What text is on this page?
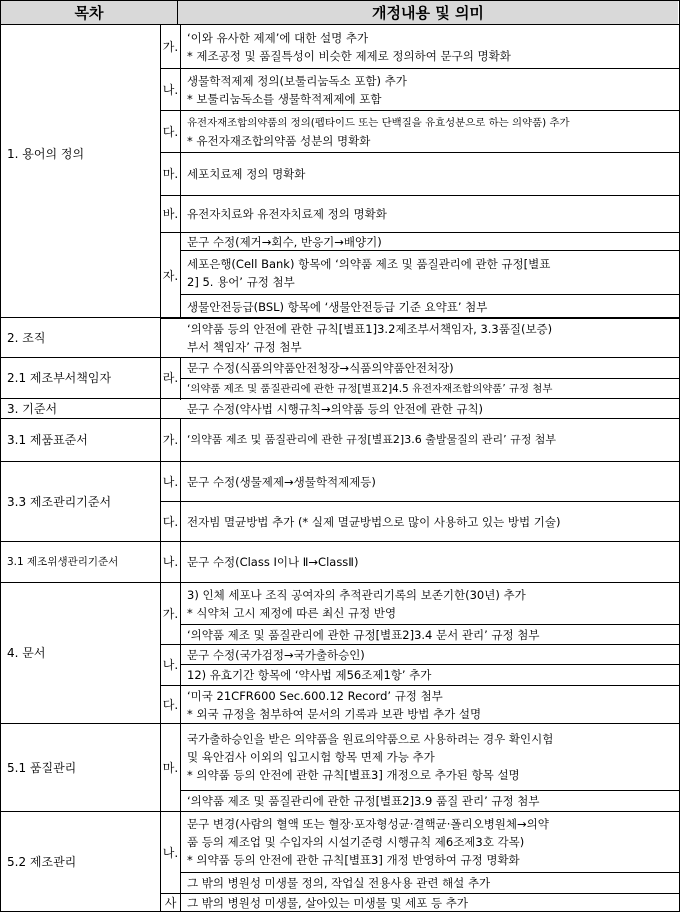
목차	개정내용 및 의미
1. 용어의 정의
2. 조직
2.1 제조부서책임자
3. 기준서
3.1 제품표준서
3.3 제조관리기준서
3.1 제조위생관리기준서
4. 문서
5.1 품질관리
5.2 제조관리
가.
나.
다.
마.
바.
자.
라.
가.
나.
다.
나.
가.
나.
다.
마.
나.
사
‘이와 유사한 제제’에 대한 설명 추가
* 제조공정 및 품질특성이 비슷한 제제로 정의하여 문구의 명확화
생물학적제제 정의(보툴리눔독소 포함) 추가
* 보툴리눔독소를 생물학적제제에 포함
유전자재조합의약품의 정의(펩타이드 또는 단백질을 유효성분으로 하는 의약품) 추가
* 유전자재조합의약품 성분의 명확화
세포치료제 정의 명확화
유전자치료와 유전자치료제 정의 명확화
문구 수정(제거→회수, 반응기→배양기)
세포은행(Cell Bank) 항목에 ‘의약품 제조 및 품질관리에 관한 규정[별표
2] 5. 용어’ 규정 첨부
생물안전등급(BSL) 항목에 ‘생물안전등급 기준 요약표’ 첨부
‘의약품 등의 안전에 관한 규칙[별표1]3.2제조부서책임자, 3.3품질(보증)
부서 책임자’ 규정 첨부
문구 수정(식품의약품안전청장→식품의약품안전처장)
‘의약품 제조 및 품질관리에 관한 규정[별표2]4.5 유전자재조합의약품’ 규정 첨부
문구 수정(약사법 시행규칙→의약품 등의 안전에 관한 규칙)
‘의약품 제조 및 품질관리에 관한 규정[별표2]3.6 출발물질의 관리’ 규정 첨부
문구 수정(생물제제→생물학적제제등)
전자빔 멸균방법 추가 (* 실제 멸균방법으로 많이 사용하고 있는 방법 기술)
문구 수정(Class Ⅰ이나 Ⅱ→ClassⅡ)
3) 인체 세포나 조직 공여자의 추적관리기록의 보존기한(30년) 추가
* 식약처 고시 제정에 따른 최신 규정 반영
‘의약품 제조 및 품질관리에 관한 규정[별표2]3.4 문서 관리’ 규정 첨부
문구 수정(국가검정→국가출하승인)
12) 유효기간 항목에 ‘약사법 제56조제1항’ 추가
‘미국 21CFR600 Sec.600.12 Record’ 규정 첨부
* 외국 규정을 첨부하여 문서의 기록과 보관 방법 추가 설명
국가출하승인을 받은 의약품을 원료의약품으로 사용하려는 경우 확인시험
및 육안검사 이외의 입고시험 항목 면제 가능 추가
* 의약품 등의 안전에 관한 규칙[별표3] 개정으로 추가된 항목 설명
‘의약품 제조 및 품질관리에 관한 규정[별표2]3.9 품질 관리’ 규정 첨부
문구 변경(사람의 혈액 또는 혈장·포자형성균·결핵균·폴리오병원체→의약
품 등의 제조업 및 수입자의 시설기준령 시행규칙 제6조제3호 각목)
* 의약품 등의 안전에 관한 규칙[별표3] 개정 반영하여 규정 명확화
그 밖의 병원성 미생물 정의, 작업실 전용사용 관련 해설 추가
그 밖의 병원성 미생물, 살아있는 미생물 및 세포 등 추가
